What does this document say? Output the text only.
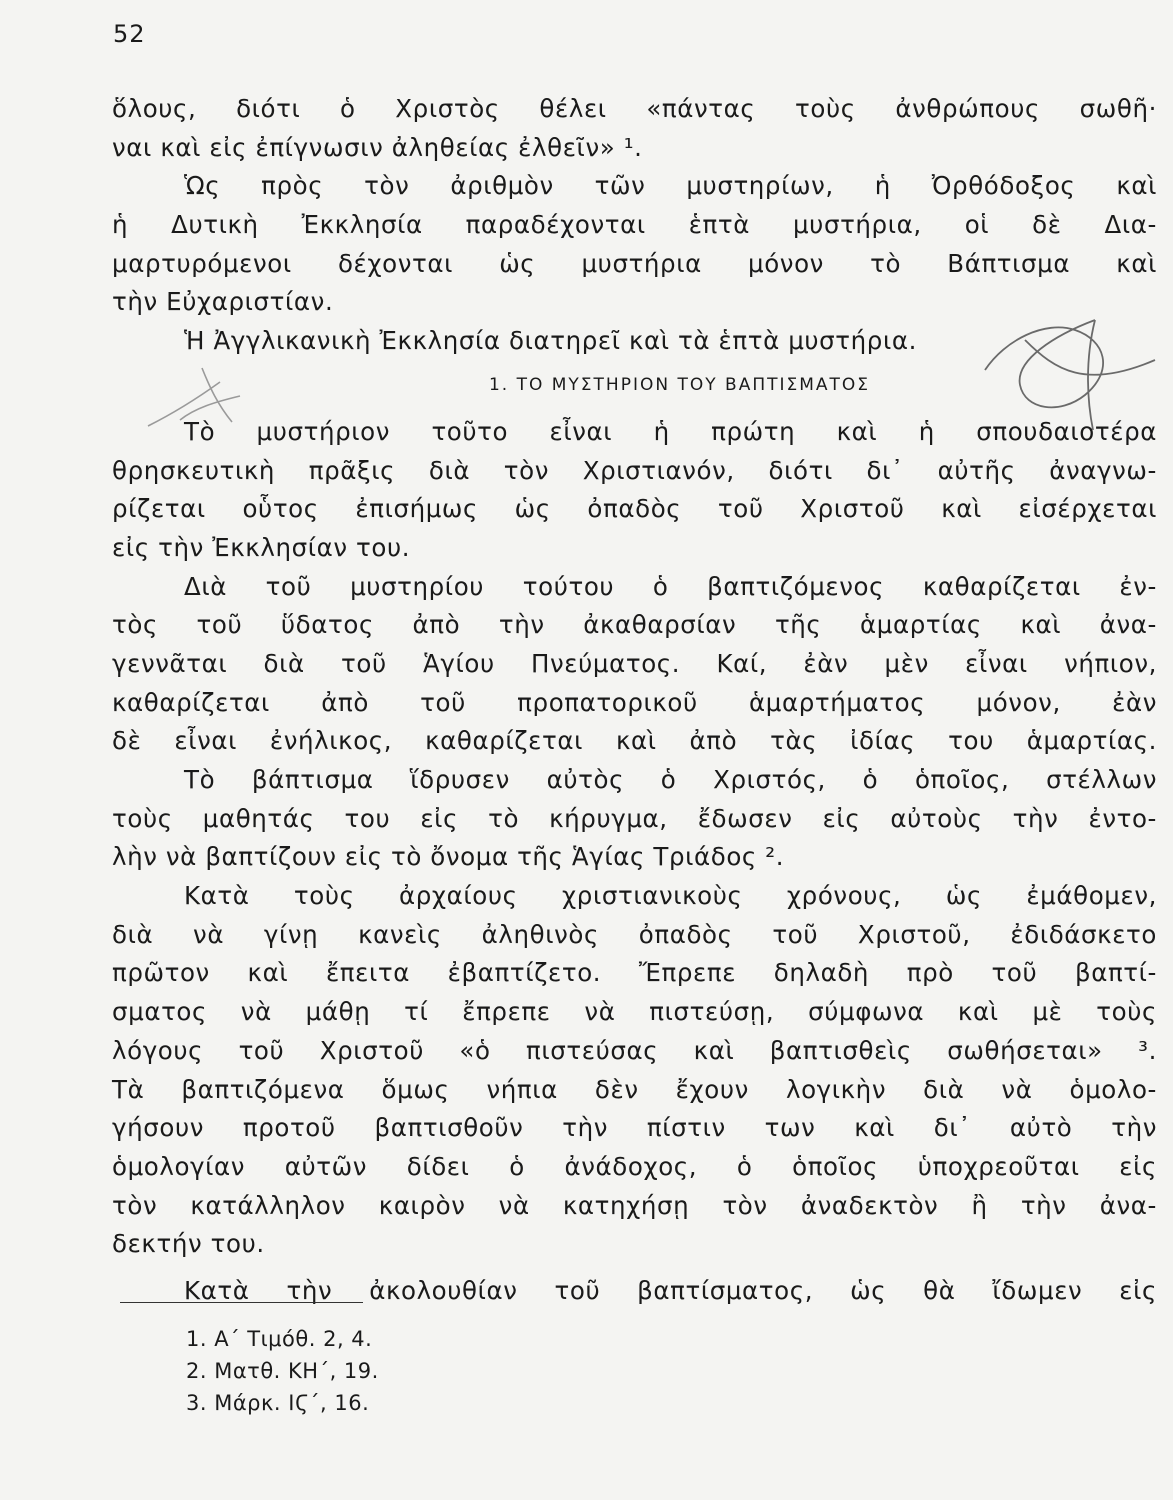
52
ὅλους, διότι ὁ Χριστὸς θέλει «πάντας τοὺς ἀνθρώπους σωθῆ·
ναι καὶ εἰς ἐπίγνωσιν ἀληθείας ἐλθεῖν» ¹.
Ὡς πρὸς τὸν ἀριθμὸν τῶν μυστηρίων, ἡ Ὀρθόδοξος καὶ
ἡ Δυτικὴ Ἐκκλησία παραδέχονται ἑπτὰ μυστήρια, οἱ δὲ Δια-
μαρτυρόμενοι δέχονται ὡς μυστήρια μόνον τὸ Βάπτισμα καὶ
τὴν Εὐχαριστίαν.
Ἡ Ἀγγλικανικὴ Ἐκκλησία διατηρεῖ καὶ τὰ ἑπτὰ μυστήρια.
1. ΤΟ ΜΥΣΤΗΡΙΟΝ ΤΟΥ ΒΑΠΤΙΣΜΑΤΟΣ
Τὸ μυστήριον τοῦτο εἶναι ἡ πρώτη καὶ ἡ σπουδαιοτέρα
θρησκευτικὴ πρᾶξις διὰ τὸν Χριστιανόν, διότι δι᾽ αὐτῆς ἀναγνω-
ρίζεται οὗτος ἐπισήμως ὡς ὀπαδὸς τοῦ Χριστοῦ καὶ εἰσέρχεται
εἰς τὴν Ἐκκλησίαν του.
Διὰ τοῦ μυστηρίου τούτου ὁ βαπτιζόμενος καθαρίζεται ἐν-
τὸς τοῦ ὕδατος ἀπὸ τὴν ἀκαθαρσίαν τῆς ἁμαρτίας καὶ ἀνα-
γεννᾶται διὰ τοῦ Ἁγίου Πνεύματος. Καί, ἐὰν μὲν εἶναι νήπιον,
καθαρίζεται ἀπὸ τοῦ προπατορικοῦ ἁμαρτήματος μόνον, ἐὰν
δὲ εἶναι ἐνήλικος, καθαρίζεται καὶ ἀπὸ τὰς ἰδίας του ἁμαρτίας.
Τὸ βάπτισμα ἵδρυσεν αὐτὸς ὁ Χριστός, ὁ ὁποῖος, στέλλων
τοὺς μαθητάς του εἰς τὸ κήρυγμα, ἔδωσεν εἰς αὐτοὺς τὴν ἐντο-
λὴν νὰ βαπτίζουν εἰς τὸ ὄνομα τῆς Ἁγίας Τριάδος ².
Κατὰ τοὺς ἀρχαίους χριστιανικοὺς χρόνους, ὡς ἐμάθομεν,
διὰ νὰ γίνῃ κανεὶς ἀληθινὸς ὀπαδὸς τοῦ Χριστοῦ, ἐδιδάσκετο
πρῶτον καὶ ἔπειτα ἐβαπτίζετο. Ἔπρεπε δηλαδὴ πρὸ τοῦ βαπτί-
σματος νὰ μάθῃ τί ἔπρεπε νὰ πιστεύσῃ, σύμφωνα καὶ μὲ τοὺς
λόγους τοῦ Χριστοῦ «ὁ πιστεύσας καὶ βαπτισθεὶς σωθήσεται» ³.
Τὰ βαπτιζόμενα ὅμως νήπια δὲν ἔχουν λογικὴν διὰ νὰ ὁμολο-
γήσουν προτοῦ βαπτισθοῦν τὴν πίστιν των καὶ δι᾽ αὐτὸ τὴν
ὁμολογίαν αὐτῶν δίδει ὁ ἀνάδοχος, ὁ ὁποῖος ὑποχρεοῦται εἰς
τὸν κατάλληλον καιρὸν νὰ κατηχήσῃ τὸν ἀναδεκτὸν ἢ τὴν ἀνα-
δεκτήν του.
Κατὰ τὴν ἀκολουθίαν τοῦ βαπτίσματος, ὡς θὰ ἴδωμεν εἰς
1. Α΄ Τιμόθ. 2, 4.
2. Ματθ. ΚΗ΄, 19.
3. Μάρκ. ΙϚ΄, 16.
